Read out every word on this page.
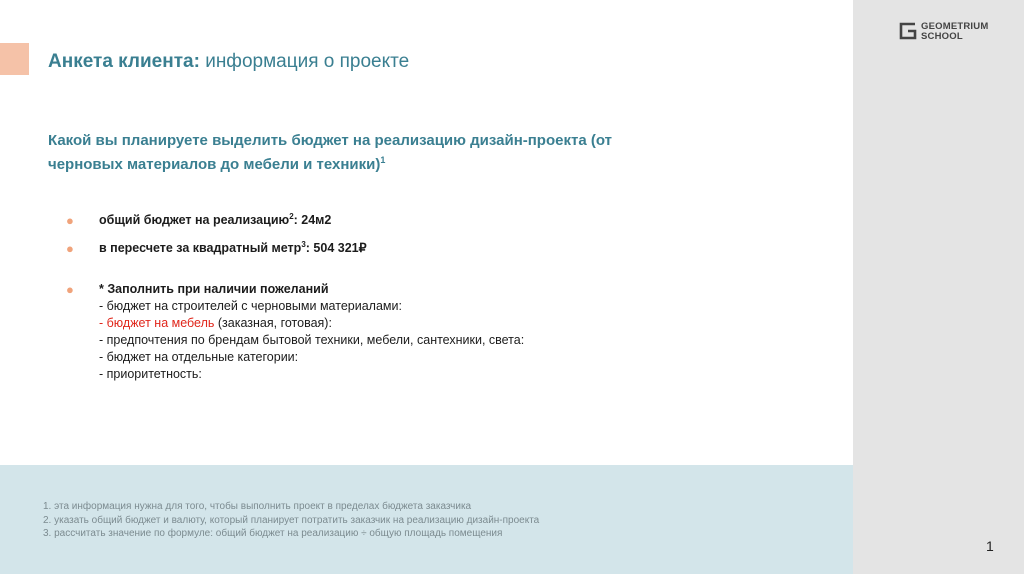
Анкета клиента: информация о проекте
Какой вы планируете выделить бюджет на реализацию дизайн-проекта (от черновых материалов до мебели и техники)$^1$
● общий бюджет на реализацию$^2$: 24м2
● в пересчете за квадратный метр$^3$: 504 321₽
● * Заполнить при наличии пожеланий
- бюджет на строителей с черновыми материалами:
- бюджет на мебель (заказная, готовая):
- предпочтения по брендам бытовой техники, мебели, сантехники, света:
- бюджет на отдельные категории:
- приоритетность:
1. эта информация нужна для того, чтобы выполнить проект в пределах бюджета заказчика
2. указать общий бюджет и валюту, который планирует потратить заказчик на реализацию дизайн-проекта
3. рассчитать значение по формуле: общий бюджет на реализацию ÷ общую площадь помещения
GEOMETRIUM
SCHOOL
1
